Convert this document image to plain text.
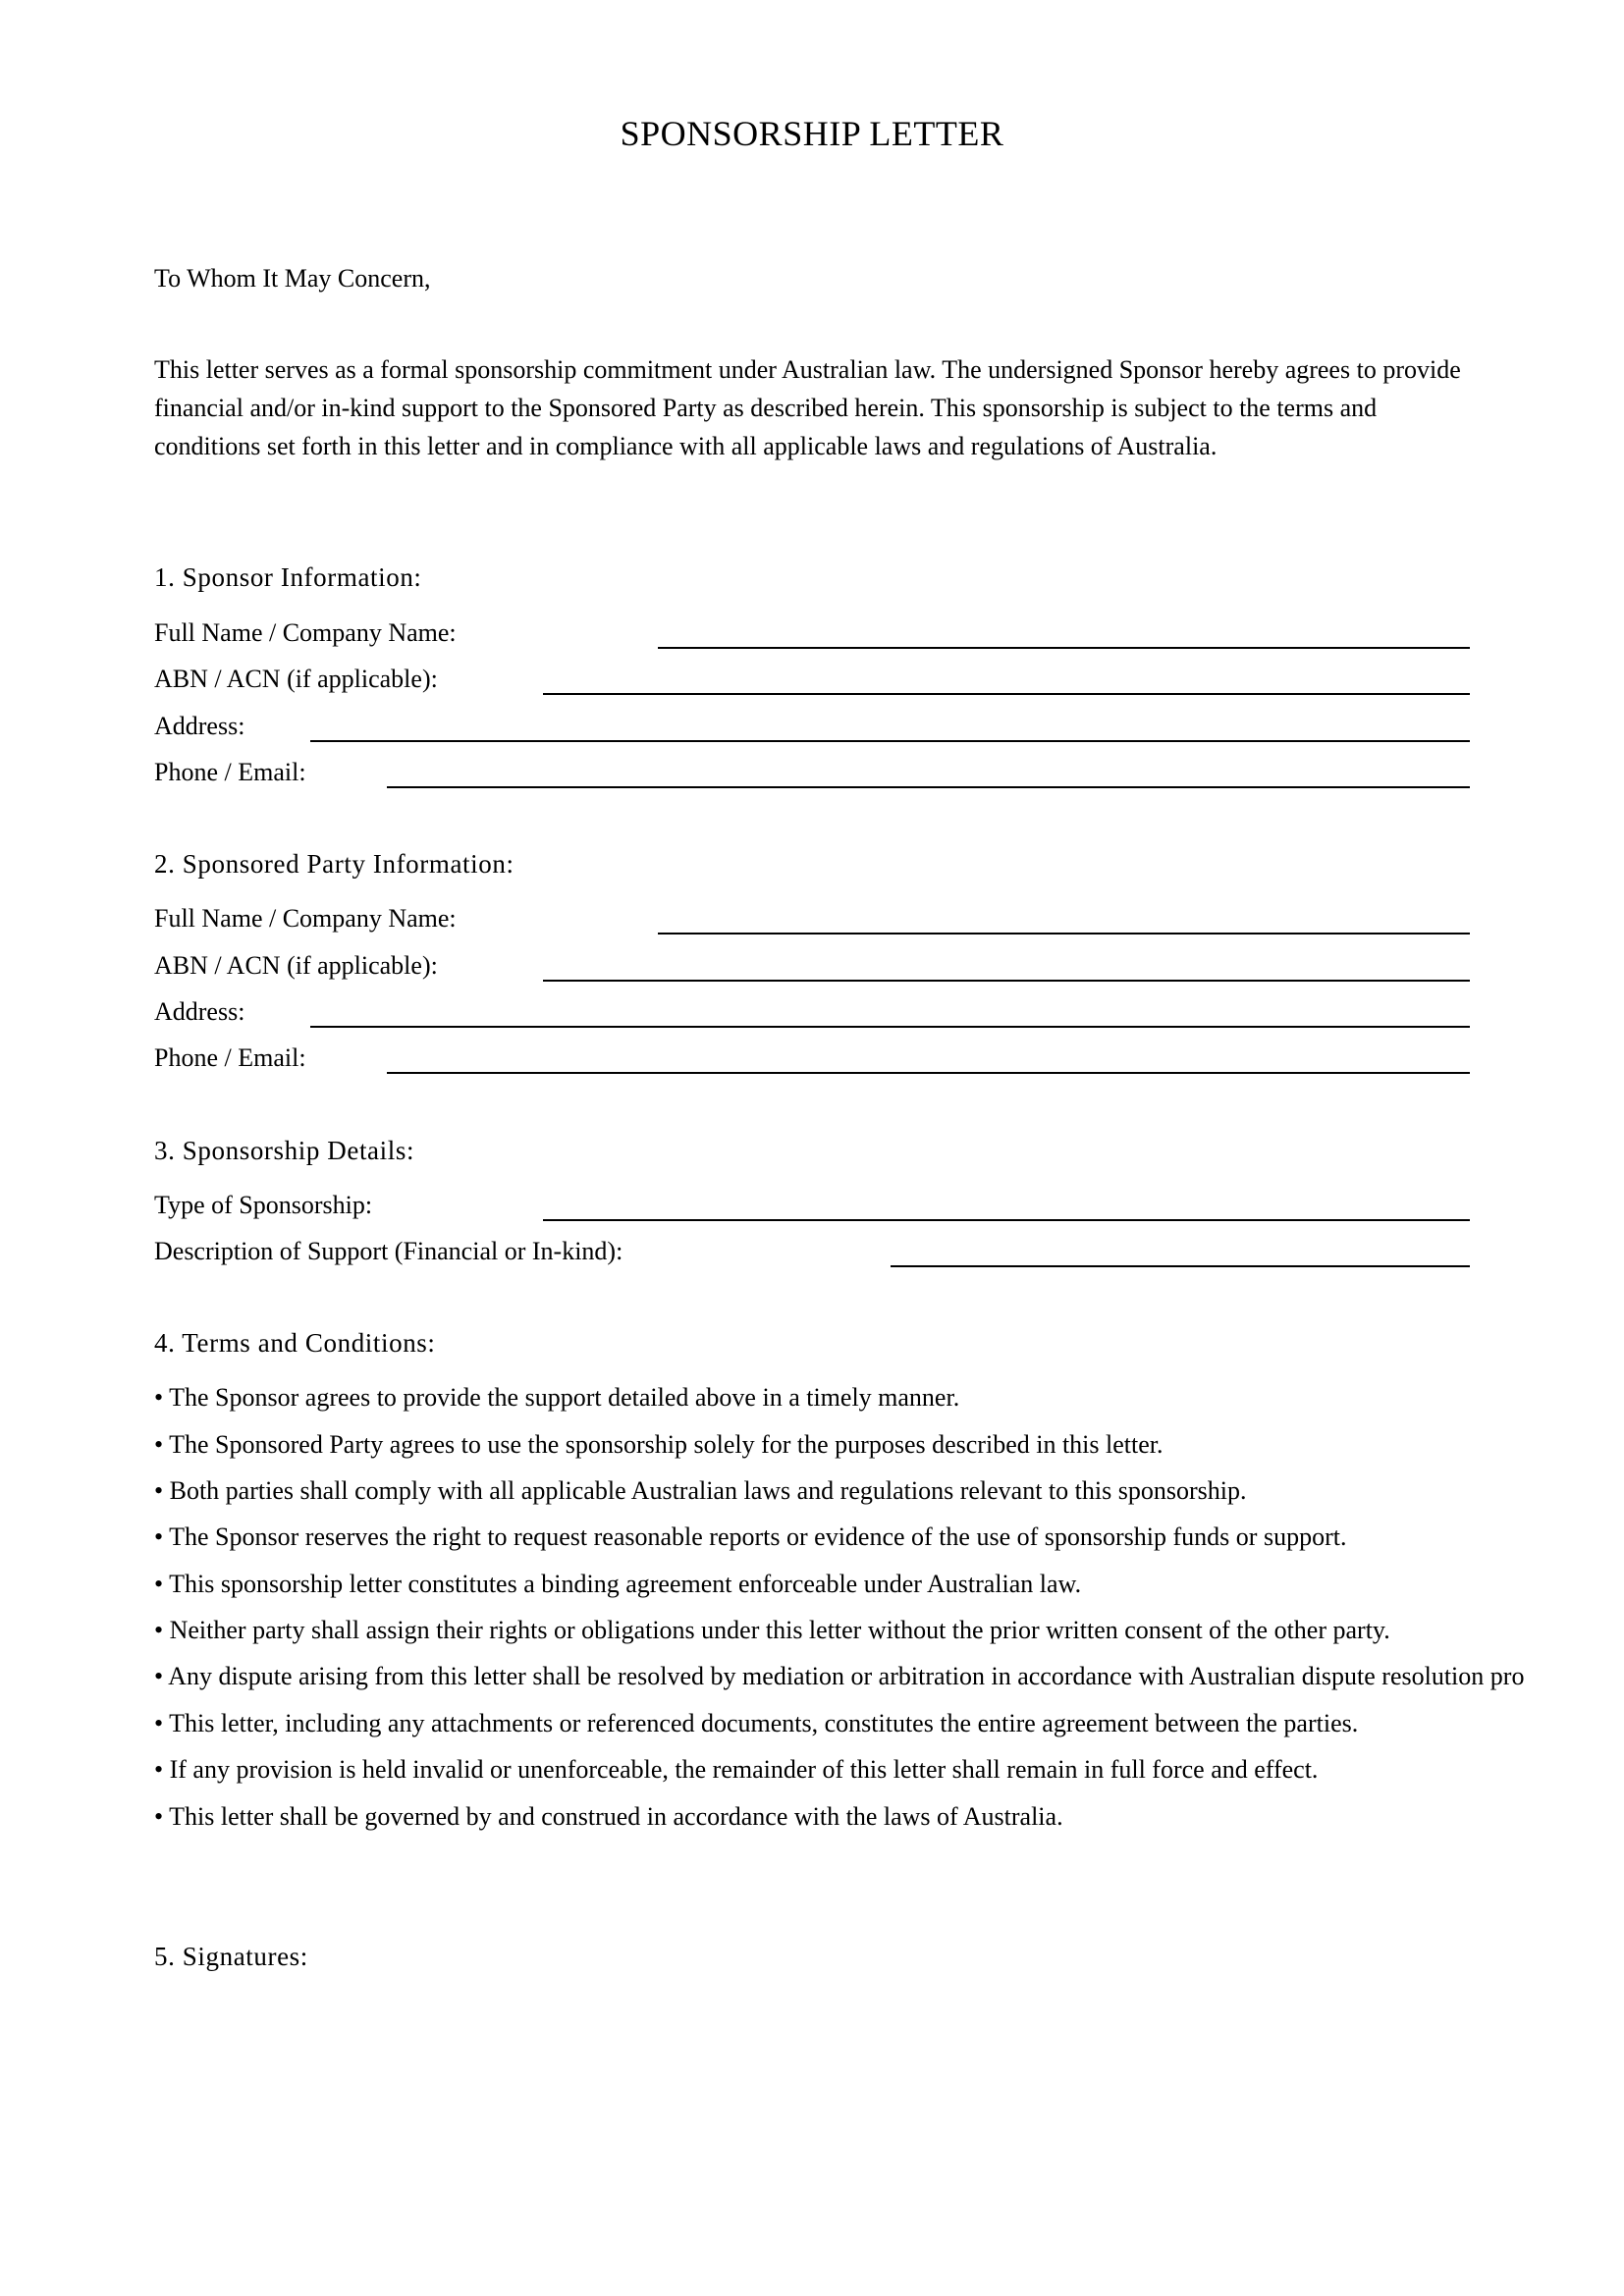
SPONSORSHIP LETTER
To Whom It May Concern,
This letter serves as a formal sponsorship commitment under Australian law. The undersigned Sponsor hereby agrees to provide financial and/or in-kind support to the Sponsored Party as described herein. This sponsorship is subject to the terms and conditions set forth in this letter and in compliance with all applicable laws and regulations of Australia.
1. Sponsor Information:
Full Name / Company Name:
ABN / ACN (if applicable):
Address:
Phone / Email:
2. Sponsored Party Information:
Full Name / Company Name:
ABN / ACN (if applicable):
Address:
Phone / Email:
3. Sponsorship Details:
Type of Sponsorship:
Description of Support (Financial or In-kind):
4. Terms and Conditions:
• The Sponsor agrees to provide the support detailed above in a timely manner.
• The Sponsored Party agrees to use the sponsorship solely for the purposes described in this letter.
• Both parties shall comply with all applicable Australian laws and regulations relevant to this sponsorship.
• The Sponsor reserves the right to request reasonable reports or evidence of the use of sponsorship funds or support.
• This sponsorship letter constitutes a binding agreement enforceable under Australian law.
• Neither party shall assign their rights or obligations under this letter without the prior written consent of the other party.
• Any dispute arising from this letter shall be resolved by mediation or arbitration in accordance with Australian dispute resolution pro
• This letter, including any attachments or referenced documents, constitutes the entire agreement between the parties.
• If any provision is held invalid or unenforceable, the remainder of this letter shall remain in full force and effect.
• This letter shall be governed by and construed in accordance with the laws of Australia.
5. Signatures:
